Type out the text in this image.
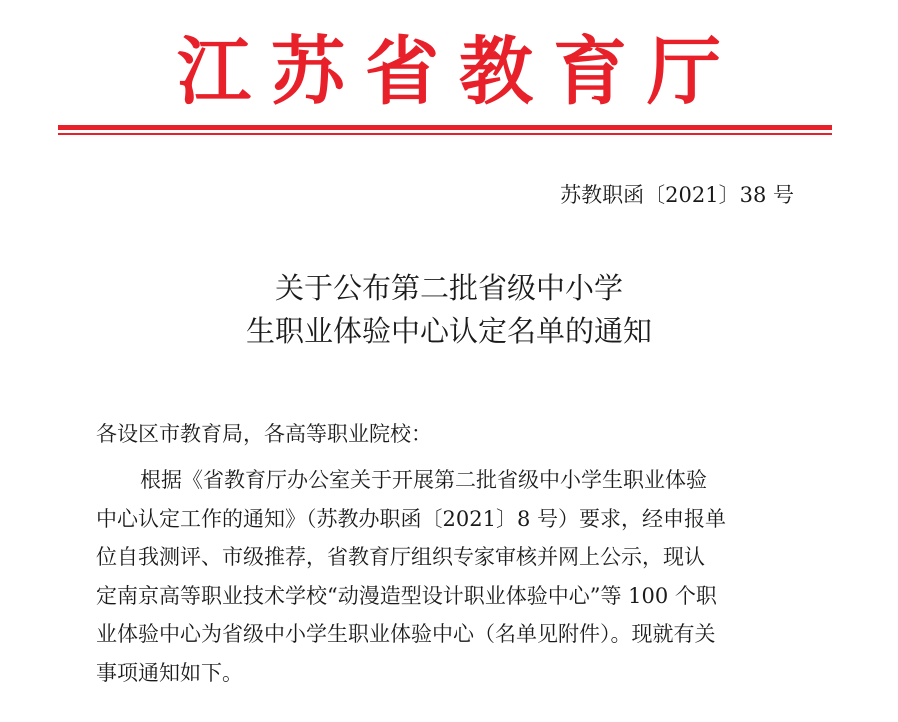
江苏省教育厅
苏教职函〔2021〕38 号
关于公布第二批省级中小学
生职业体验中心认定名单的通知
各设区市教育局，各高等职业院校：
根据《省教育厅办公室关于开展第二批省级中小学生职业体验
中心认定工作的通知》（苏教办职函〔2021〕8 号）要求，经申报单
位自我测评、市级推荐，省教育厅组织专家审核并网上公示，现认
定南京高等职业技术学校“动漫造型设计职业体验中心”等 100 个职
业体验中心为省级中小学生职业体验中心（名单见附件）。现就有关
事项通知如下。
